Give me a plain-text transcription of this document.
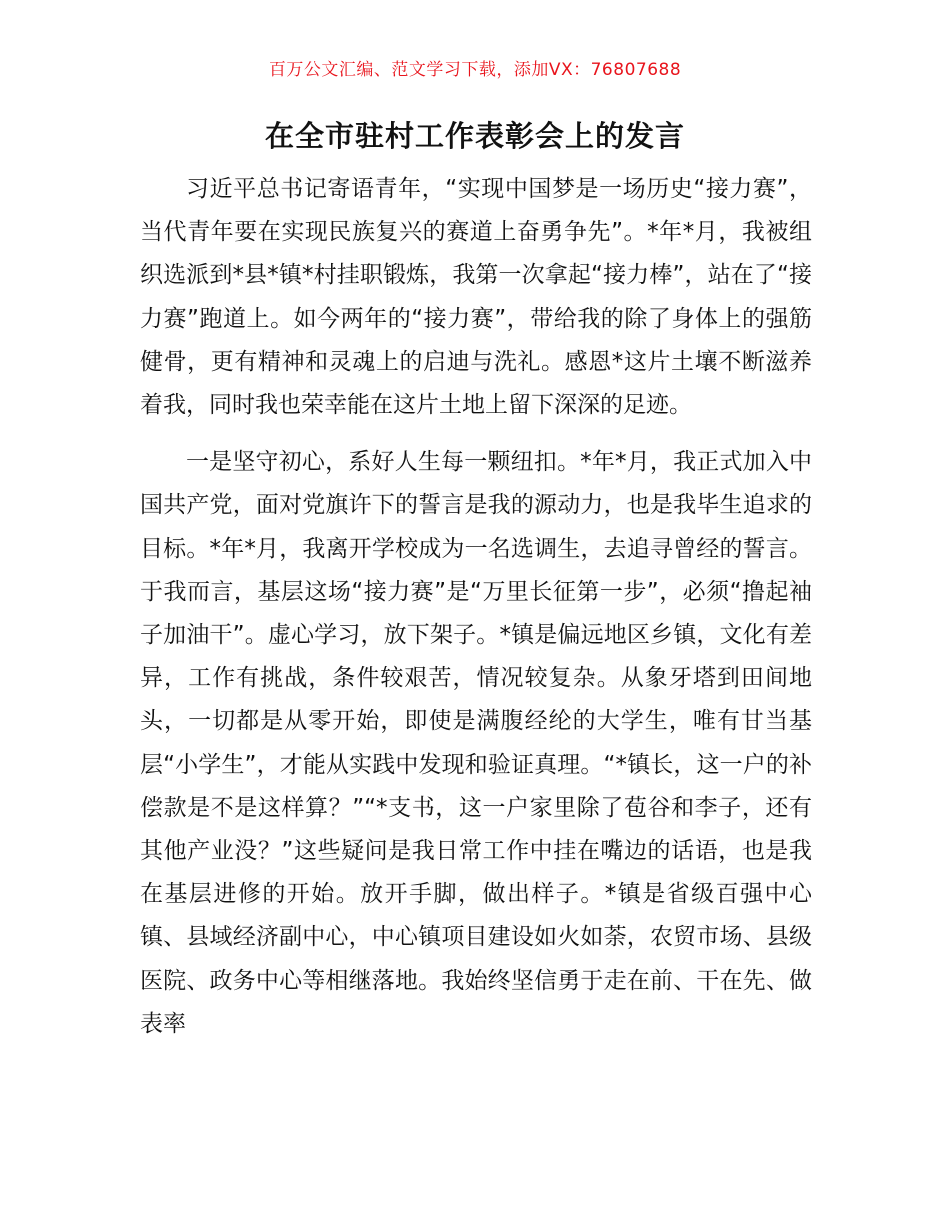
百万公文汇编、范文学习下载，添加VX：76807688
在全市驻村工作表彰会上的发言

习近平总书记寄语青年，“实现中国梦是一场历史“接力赛”，当代青年要在实现民族复兴的赛道上奋勇争先”。*年*月，我被组织选派到*县*镇*村挂职锻炼，我第一次拿起“接力棒”，站在了“接力赛”跑道上。如今两年的“接力赛”，带给我的除了身体上的强筋健骨，更有精神和灵魂上的启迪与洗礼。感恩*这片土壤不断滋养着我，同时我也荣幸能在这片土地上留下深深的足迹。

一是坚守初心，系好人生每一颗纽扣。*年*月，我正式加入中国共产党，面对党旗许下的誓言是我的源动力，也是我毕生追求的目标。*年*月，我离开学校成为一名选调生，去追寻曾经的誓言。于我而言，基层这场“接力赛”是“万里长征第一步”，必须“撸起袖子加油干”。虚心学习，放下架子。*镇是偏远地区乡镇，文化有差异，工作有挑战，条件较艰苦，情况较复杂。从象牙塔到田间地头，一切都是从零开始，即使是满腹经纶的大学生，唯有甘当基层“小学生”，才能从实践中发现和验证真理。“*镇长，这一户的补偿款是不是这样算？”“*支书，这一户家里除了苞谷和李子，还有其他产业没？”这些疑问是我日常工作中挂在嘴边的话语，也是我在基层进修的开始。放开手脚，做出样子。*镇是省级百强中心镇、县域经济副中心，中心镇项目建设如火如荼，农贸市场、县级医院、政务中心等相继落地。我始终坚信勇于走在前、干在先、做表率
